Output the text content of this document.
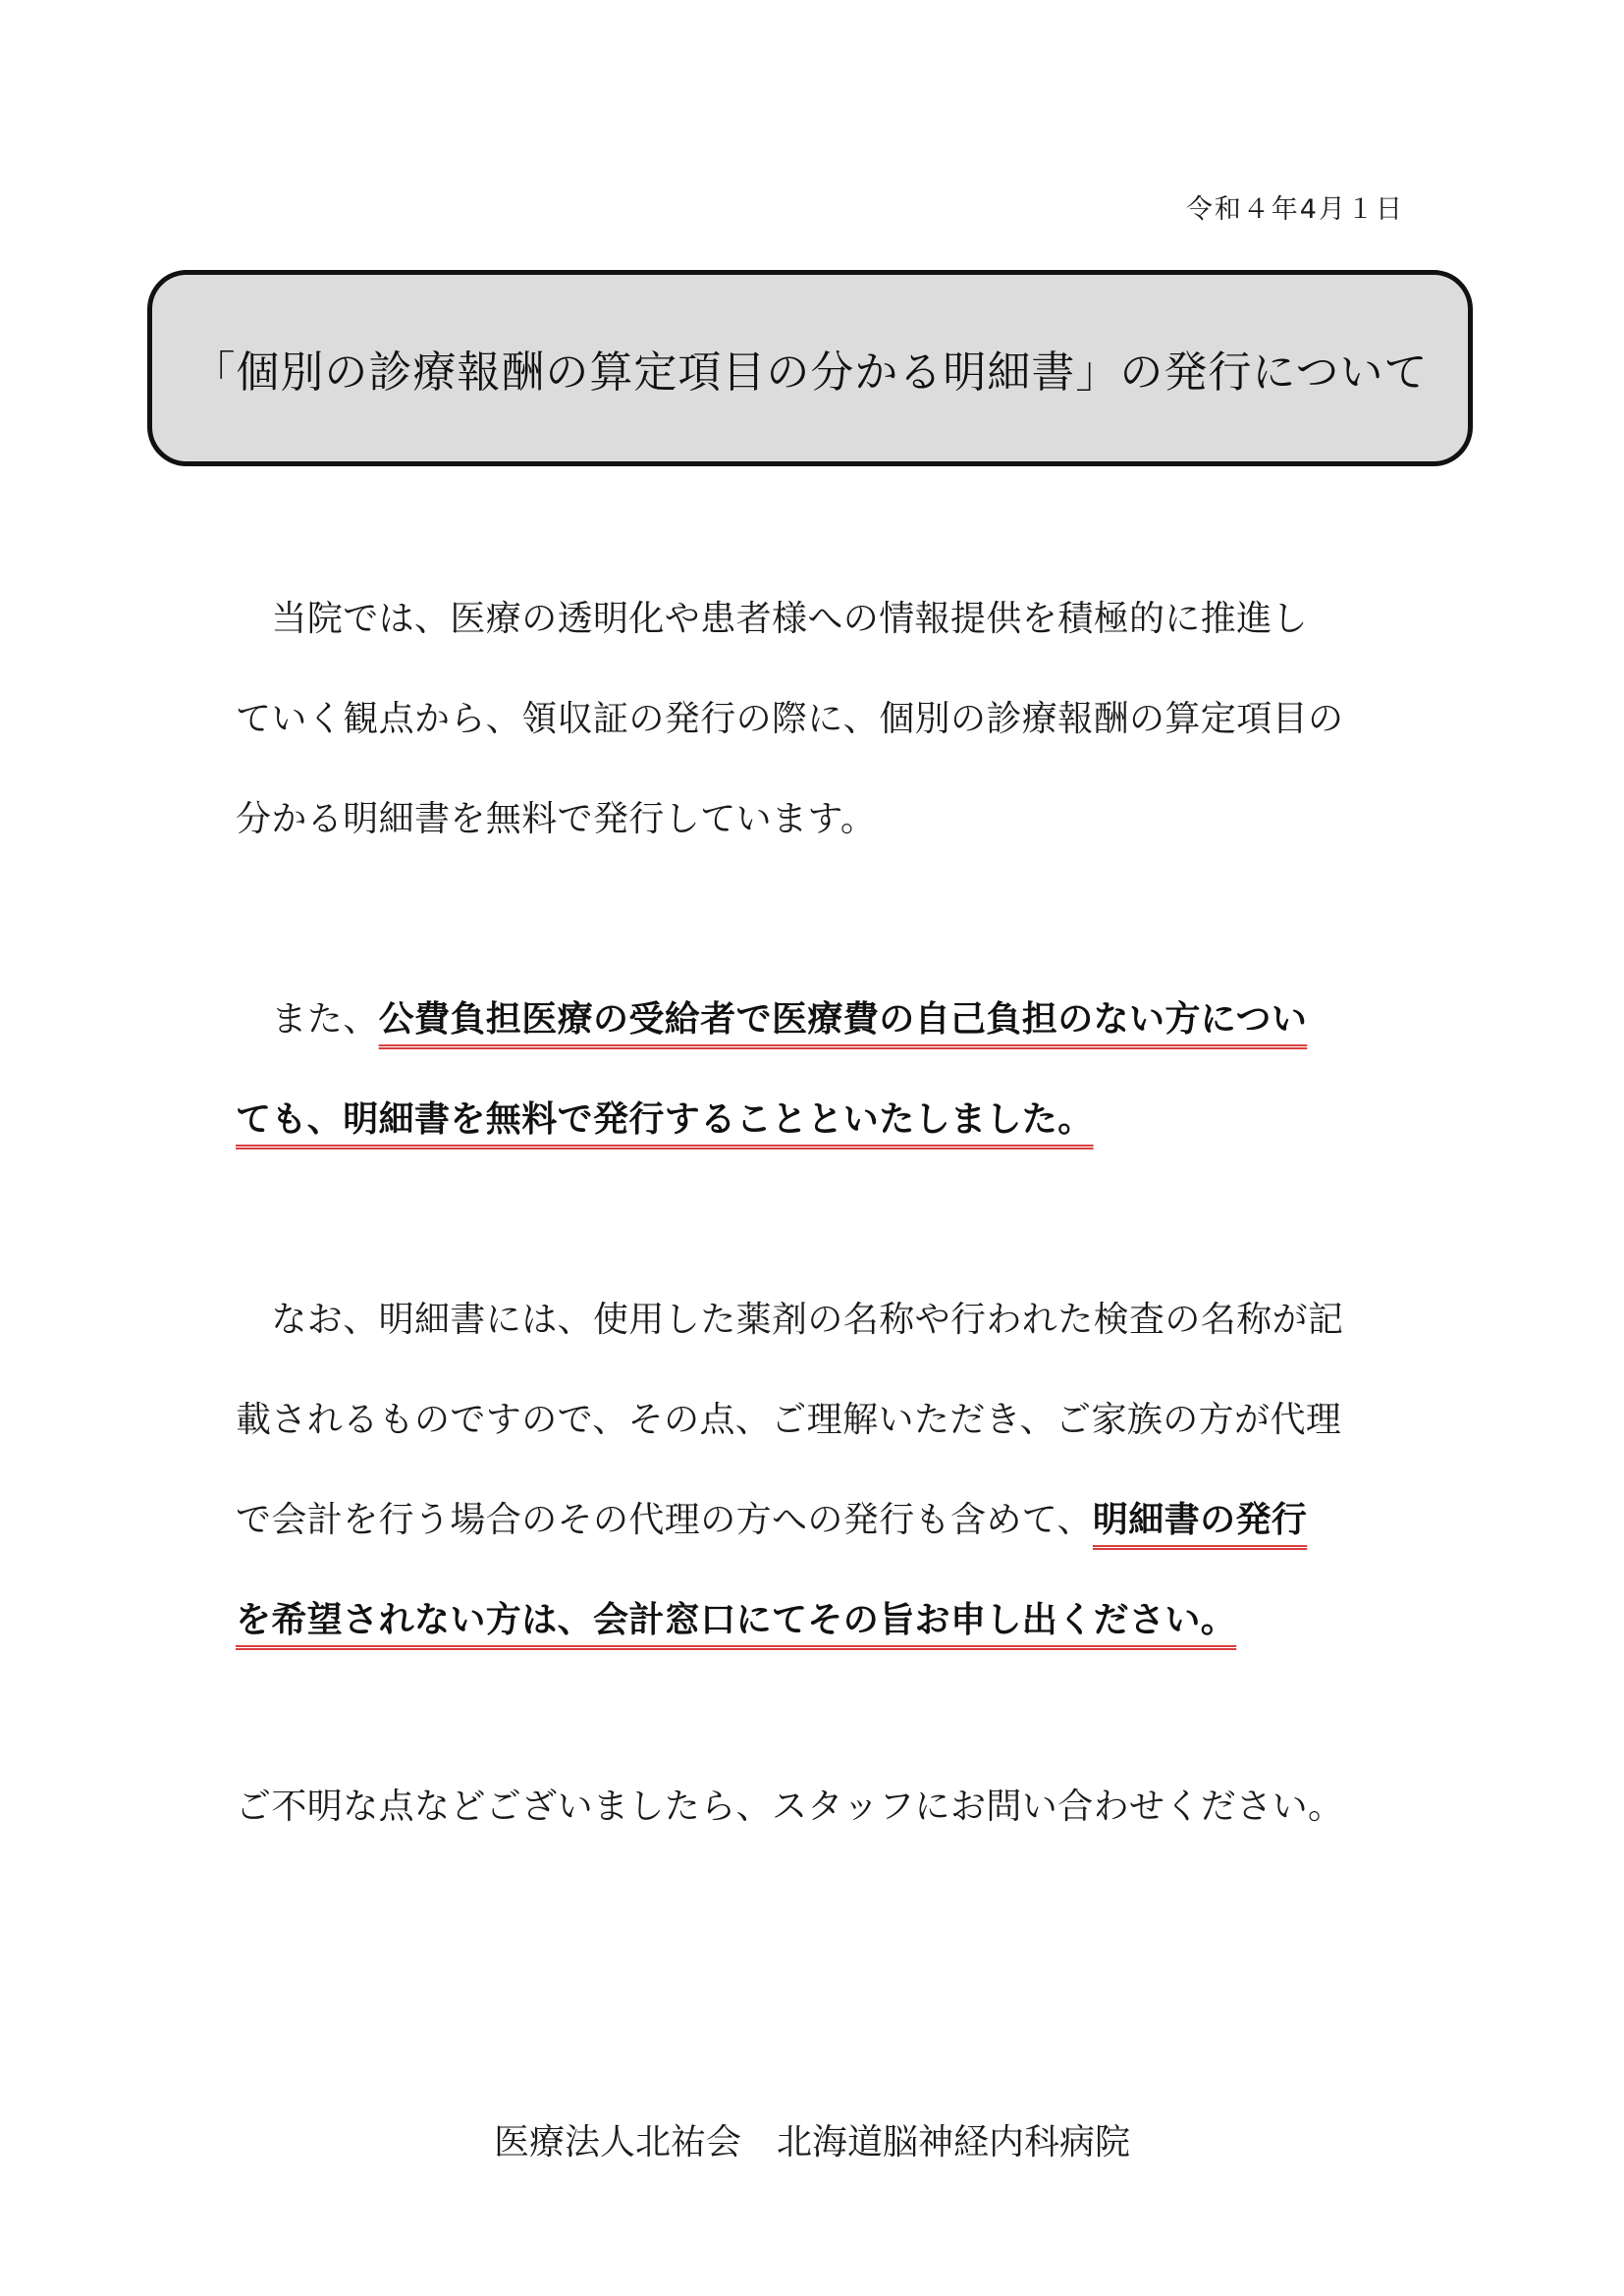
令和４年4月１日
「個別の診療報酬の算定項目の分かる明細書」の発行について
　当院では、医療の透明化や患者様への情報提供を積極的に推進し
ていく観点から、領収証の発行の際に、個別の診療報酬の算定項目の
分かる明細書を無料で発行しています。
　また、公費負担医療の受給者で医療費の自己負担のない方につい
ても、明細書を無料で発行することといたしました。
　なお、明細書には、使用した薬剤の名称や行われた検査の名称が記
載されるものですので、その点、ご理解いただき、ご家族の方が代理
で会計を行う場合のその代理の方への発行も含めて、明細書の発行
を希望されない方は、会計窓口にてその旨お申し出ください。
ご不明な点などございましたら、スタッフにお問い合わせください。
医療法人北祐会　北海道脳神経内科病院
